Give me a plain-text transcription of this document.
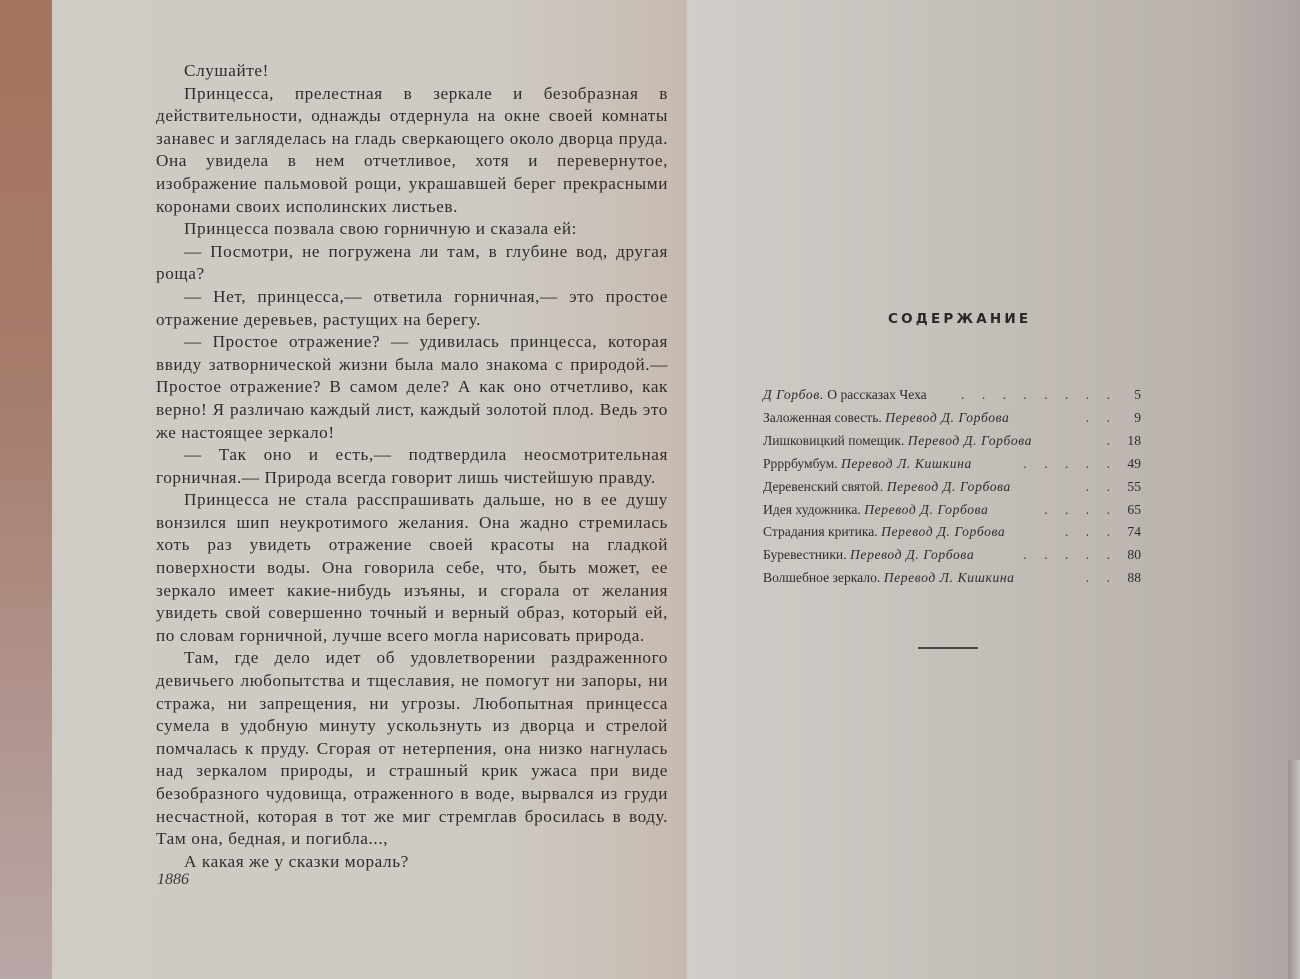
Слушайте!

Принцесса, прелестная в зеркале и безобразная в действительности, однажды отдернула на окне своей комнаты занавес и загляделась на гладь сверкающего около дворца пруда. Она увидела в нем отчетливое, хотя и перевернутое, изображение пальмовой рощи, украшавшей берег прекрасными коронами своих исполинских листьев.

Принцесса позвала свою горничную и сказала ей:

— Посмотри, не погружена ли там, в глубине вод, другая роща?

— Нет, принцесса,— ответила горничная,— это простое отражение деревьев, растущих на берегу.

— Простое отражение? — удивилась принцесса, которая ввиду затворнической жизни была мало знакома с природой.— Простое отражение? В самом деле? А как оно отчетливо, как верно! Я различаю каждый лист, каждый золотой плод. Ведь это же настоящее зеркало!

— Так оно и есть,— подтвердила неосмотрительная горничная.— Природа всегда говорит лишь чистейшую правду.

Принцесса не стала расспрашивать дальше, но в ее душу вонзился шип неукротимого желания. Она жадно стремилась хоть раз увидеть отражение своей красоты на гладкой поверхности воды. Она говорила себе, что, быть может, ее зеркало имеет какие-нибудь изъяны, и сгорала от желания увидеть свой совершенно точный и верный образ, который ей, по словам горничной, лучше всего могла нарисовать природа.

Там, где дело идет об удовлетворении раздраженного девичьего любопытства и тщеславия, не помогут ни запоры, ни стража, ни запрещения, ни угрозы. Любопытная принцесса сумела в удобную минуту ускользнуть из дворца и стрелой помчалась к пруду. Сгорая от нетерпения, она низко нагнулась над зеркалом природы, и страшный крик ужаса при виде безобразного чудовища, отраженного в воде, вырвался из груди несчастной, которая в тот же миг стремглав бросилась в воду. Там она, бедная, и погибла...,

А какая же у сказки мораль?

1886
СОДЕРЖАНИЕ
Д Горбов. О рассказах Чеха	. . . . . . . .	5
Заложенная совесть. Перевод Д. Горбова	. .	9
Лишковицкий помещик. Перевод Д. Горбова	. 18
Ррррбумбум. Перевод Л. Кишкина	. . . . . 49
Деревенский святой. Перевод Д. Горбова	. . 55
Идея художника. Перевод Д. Горбова	. . . . 65
Страдания критика. Перевод Д. Горбова	. . . 74
Буревестники. Перевод Д. Горбова	. . . . . 80
Волшебное зеркало. Перевод Л. Кишкина	. . 88
